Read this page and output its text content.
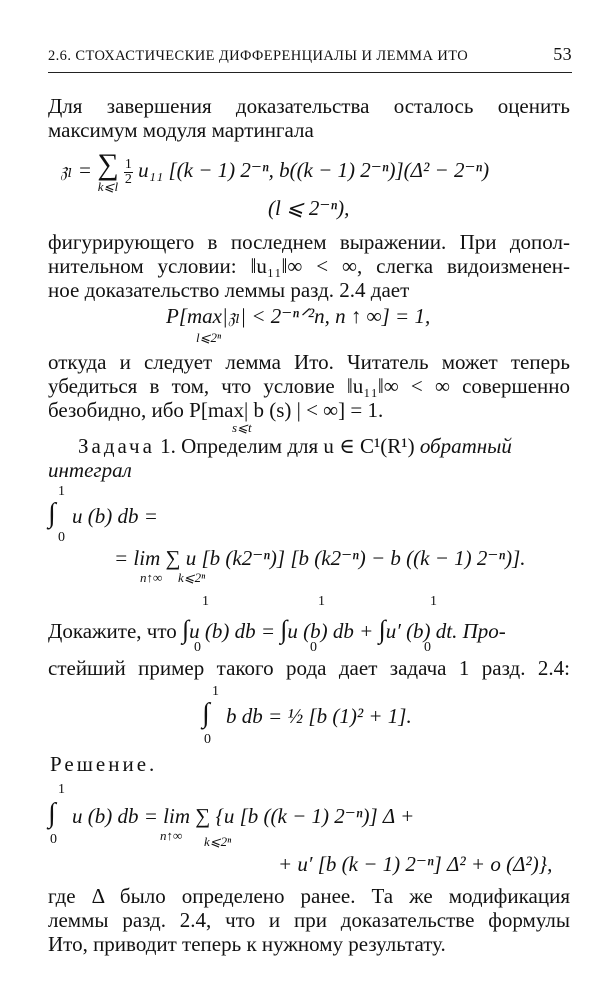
2.6. СТОХАСТИЧЕСКИЕ ДИФФЕРЕНЦИАЛЫ И ЛЕММА ИТО	53
Для завершения доказательства осталось оценить
максимум модуля мартингала
𝔷ₗ = ∑
k⩽l
$\frac{1}{2} u_{11}$ [(k − 1) 2⁻ⁿ, b((k − 1) 2⁻ⁿ)](Δ² − 2⁻ⁿ)
(l ⩽ 2⁻ⁿ),
фигурирующего в последнем выражении. При допол-
нительном условии: ‖u₁₁‖∞ < ∞, слегка видоизменен-
ное доказательство леммы разд. 2.4 дает
P[max|𝔷ₗ| < 2⁻ⁿᐟ²n, n ↑ ∞] = 1,
l⩽2ⁿ
откуда и следует лемма Ито. Читатель может теперь
убедиться в том, что условие ‖u₁₁‖∞ < ∞ совершенно
безобидно, ибо P[max| b (s) | < ∞] = 1.
s⩽t
Задача 1. Определим для u ∈ C¹(R¹) обратный
интеграл
1
∫
0
u (b) db =
= lim ∑ u [b (k2⁻ⁿ)] [b (k2⁻ⁿ) − b ((k − 1) 2⁻ⁿ)].
n↑∞ k⩽2ⁿ
1	1	1
Докажите, что ∫u (b) db = ∫u (b) db + ∫u′ (b) dt. Про-
0	0	0
стейший пример такого рода дает задача 1 разд. 2.4:
1
∫
0
b db = ½ [b (1)² + 1].
Решение.
1
∫
0
u (b) db = lim ∑ {u [b ((k − 1) 2⁻ⁿ)] Δ +
n↑∞ k⩽2ⁿ
+ u′ [b (k − 1) 2⁻ⁿ] Δ² + o (Δ²)},
где Δ было определено ранее. Та же модификация
леммы разд. 2.4, что и при доказательстве формулы
Ито, приводит теперь к нужному результату.
